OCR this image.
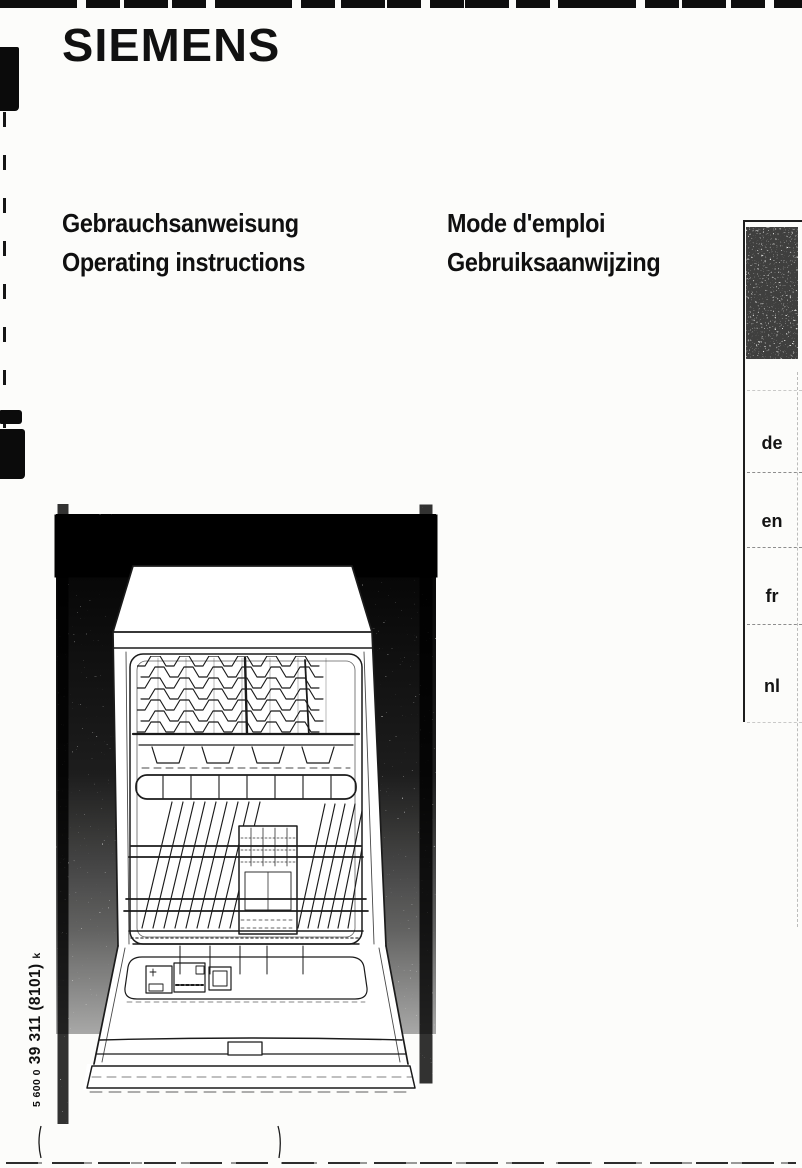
SIEMENS
Gebrauchsanweisung
Operating instructions
Mode d'emploi
Gebruiksaanwijzing
de
en
fr
nl
5 600 0 39 311 (8101) k
